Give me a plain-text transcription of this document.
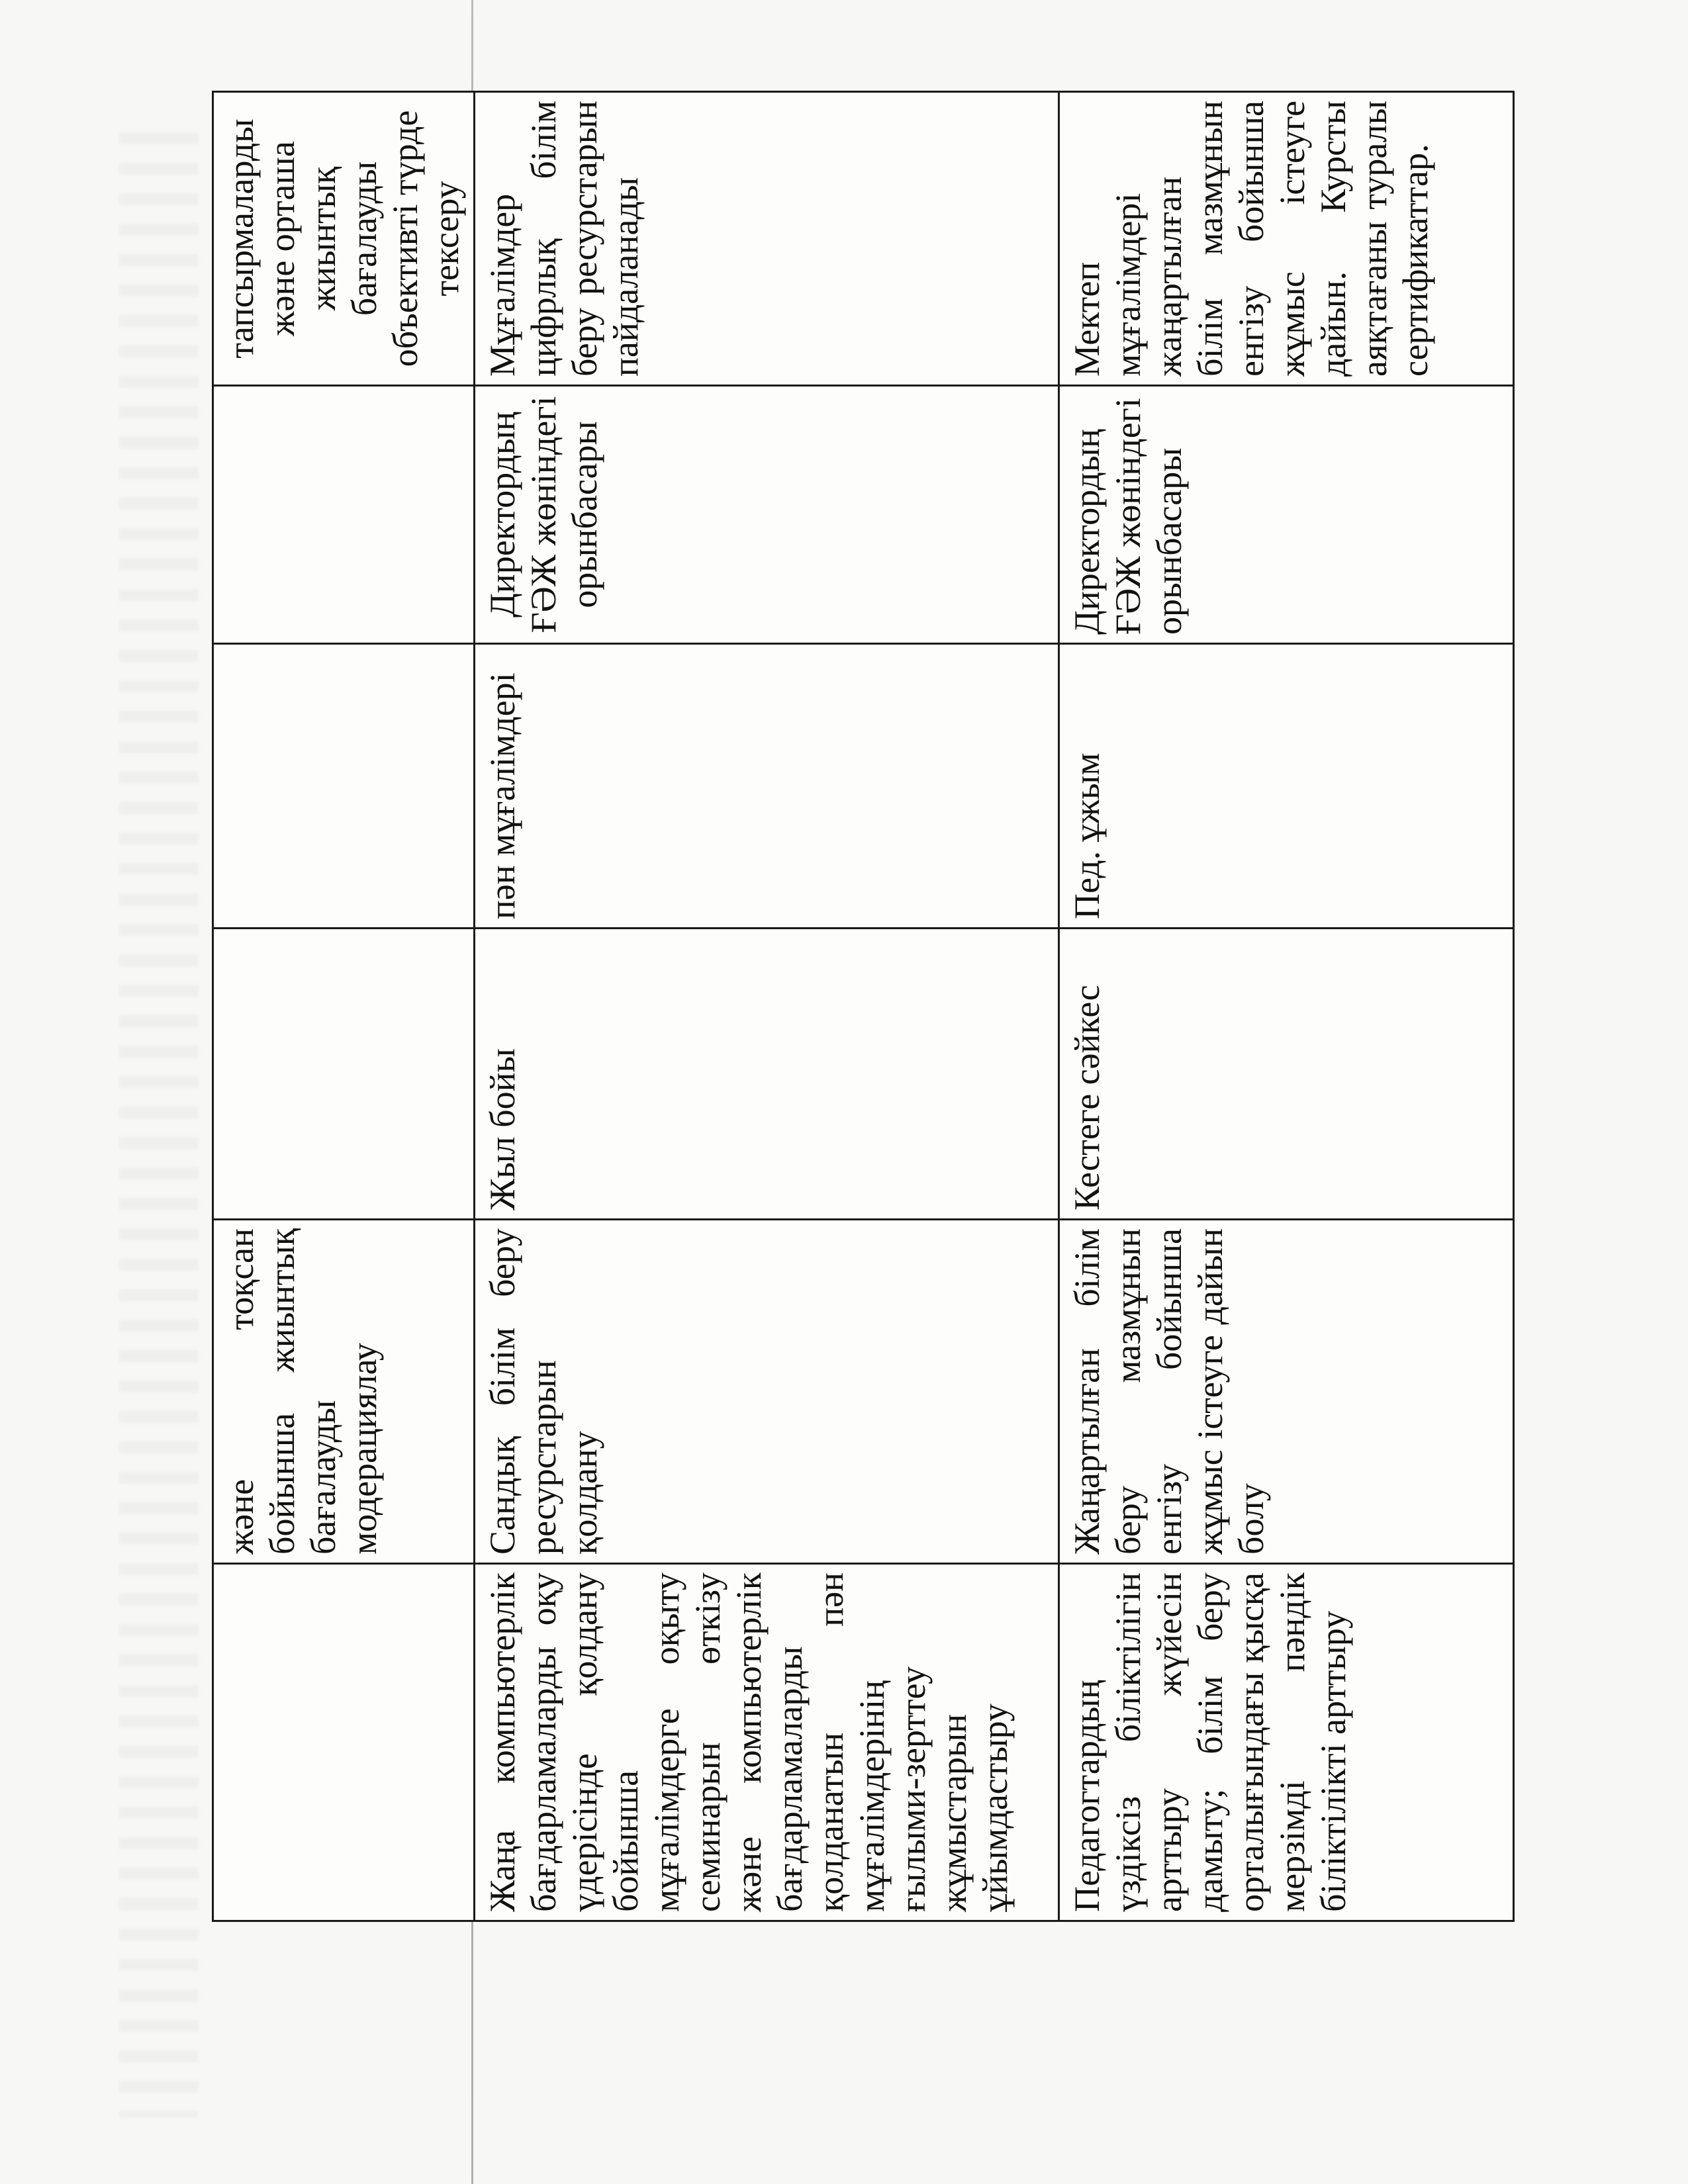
	және тоқсан бойынша жиынтық бағалауды модерациялау				тапсырмаларды және орташа жиынтық бағалауды объективті түрде тексеру
Жаңа компьютерлік бағдарламаларды оқу үдерісінде қолдану бойынша мұғалімдерге оқыту семинарын өткізу және компьютерлік бағдарламаларды қолданатын пән мұғалімдерінің ғылыми-зерттеу жұмыстарын ұйымдастыру	Сандық білім беру ресурстарын қолдану	Жыл бойы	пән мұғалімдері	Директордың ҒӘЖ жөніндегі орынбасары	Мұғалімдер цифрлық білім беру ресурстарын пайдаланады
Педагогтардың үздіксіз біліктілігін арттыру жүйесін дамыту; білім беру орталығындағы қысқа мерзімді пәндік біліктілікті арттыру	Жаңартылған білім беру мазмұнын енгізу бойынша жұмыс істеуге дайын болу	Кестеге сәйкес	Пед. ұжым	Директордың ҒӘЖ жөніндегі орынбасары	Мектеп мұғалімдері жаңартылған білім мазмұнын енгізу бойынша жұмыс істеуге дайын. Курсты аяқтағаны туралы сертификаттар.
